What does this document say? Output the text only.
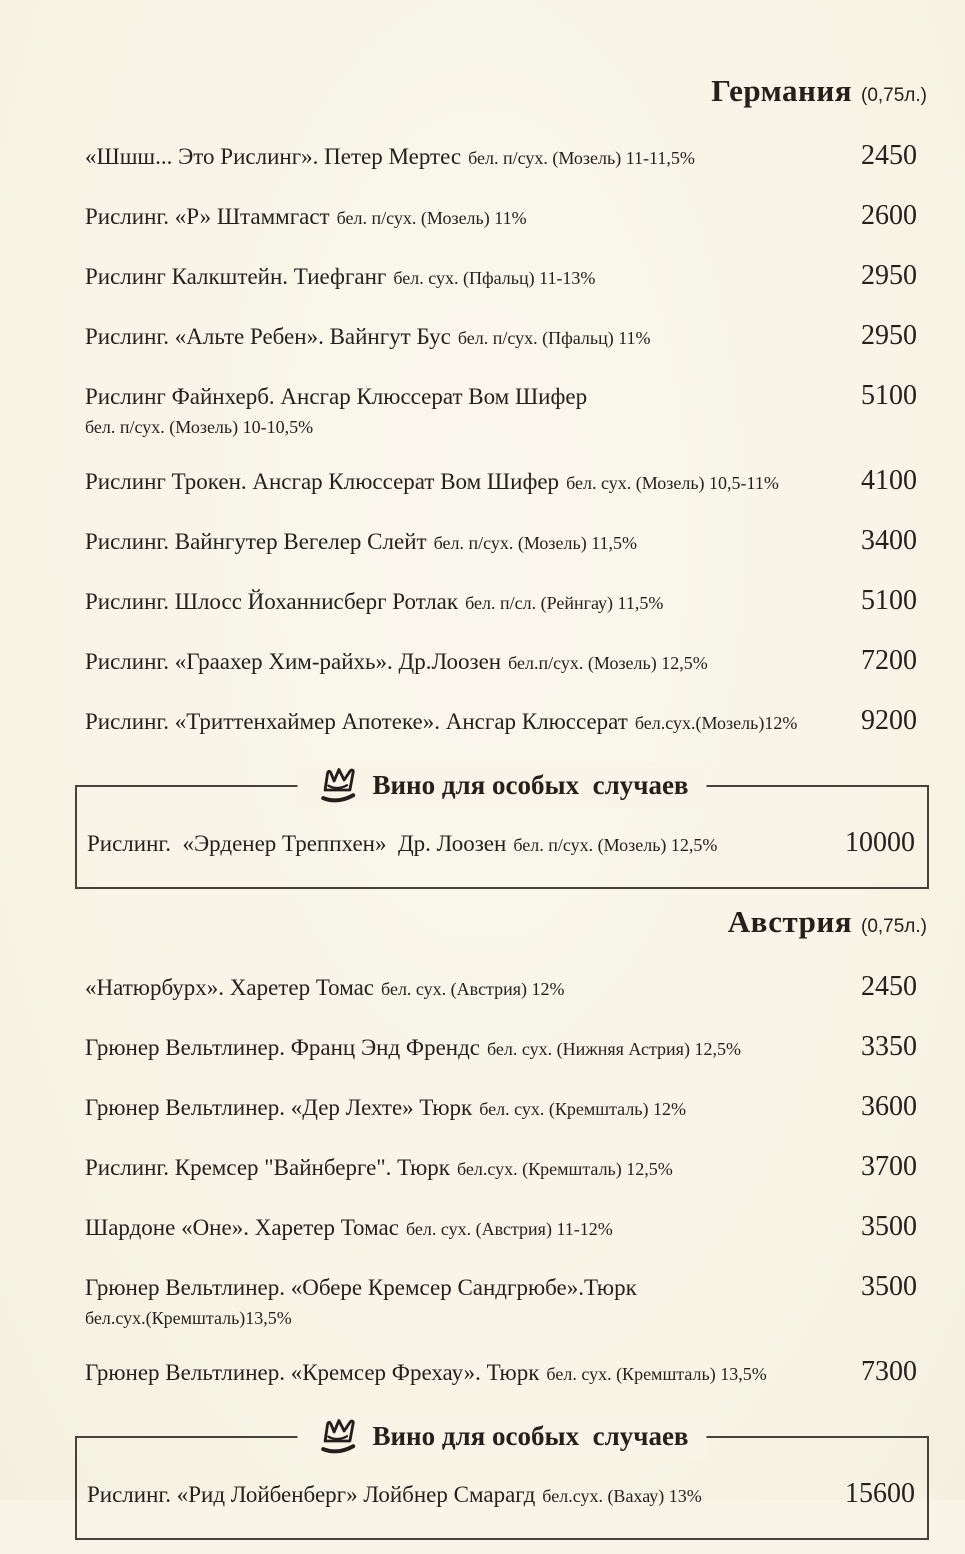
Германия (0,75л.)
«Шшш... Это Рислинг». Петер Мертес бел. п/сух. (Мозель) 11-11,5%	2450
Рислинг. «Р» Штаммгаст бел. п/сух. (Мозель) 11%	2600
Рислинг Калкштейн. Тиефганг бел. сух. (Пфальц) 11-13%	2950
Рислинг. «Альте Ребен». Вайнгут Бус бел. п/сух. (Пфальц) 11%	2950
Рислинг Файнхерб. Ансгар Клюссерат Вом Шифер
бел. п/сух. (Мозель) 10-10,5%
5100
Рислинг Трокен. Ансгар Клюссерат Вом Шифер бел. сух. (Мозель) 10,5-11%	4100
Рислинг. Вайнгутер Вегелер Слейт бел. п/сух. (Мозель) 11,5%	3400
Рислинг. Шлосс Йоханнисберг Ротлак бел. п/сл. (Рейнгау) 11,5%	5100
Рислинг. «Граахер Хим-райхь». Др.Лоозен бел.п/сух. (Мозель) 12,5%	7200
Рислинг. «Триттенхаймер Апотеке». Ансгар Клюссерат бел.сух.(Мозель)12%	9200
Вино для особых  случаев
Рислинг.  «Эрденер Треппхен»  Др. Лоозен бел. п/сух. (Мозель) 12,5%	10000
Австрия (0,75л.)
«Натюрбурх». Харетер Томас бел. сух. (Австрия) 12%	2450
Грюнер Вельтлинер. Франц Энд Френдс бел. сух. (Нижняя Астрия) 12,5%	3350
Грюнер Вельтлинер. «Дер Лехте» Тюрк бел. сух. (Кремшталь) 12%	3600
Рислинг. Кремсер "Вайнберге". Тюрк бел.сух. (Кремшталь) 12,5%	3700
Шардоне «Оне». Харетер Томас бел. сух. (Австрия) 11-12%	3500
Грюнер Вельтлинер. «Обере Кремсер Сандгрюбе».Тюрк
бел.сух.(Кремшталь)13,5%
3500
Грюнер Вельтлинер. «Кремсер Фрехау». Тюрк бел. сух. (Кремшталь) 13,5%	7300
Вино для особых  случаев
Рислинг. «Рид Лойбенберг» Лойбнер Смарагд бел.сух. (Вахау) 13%	15600
